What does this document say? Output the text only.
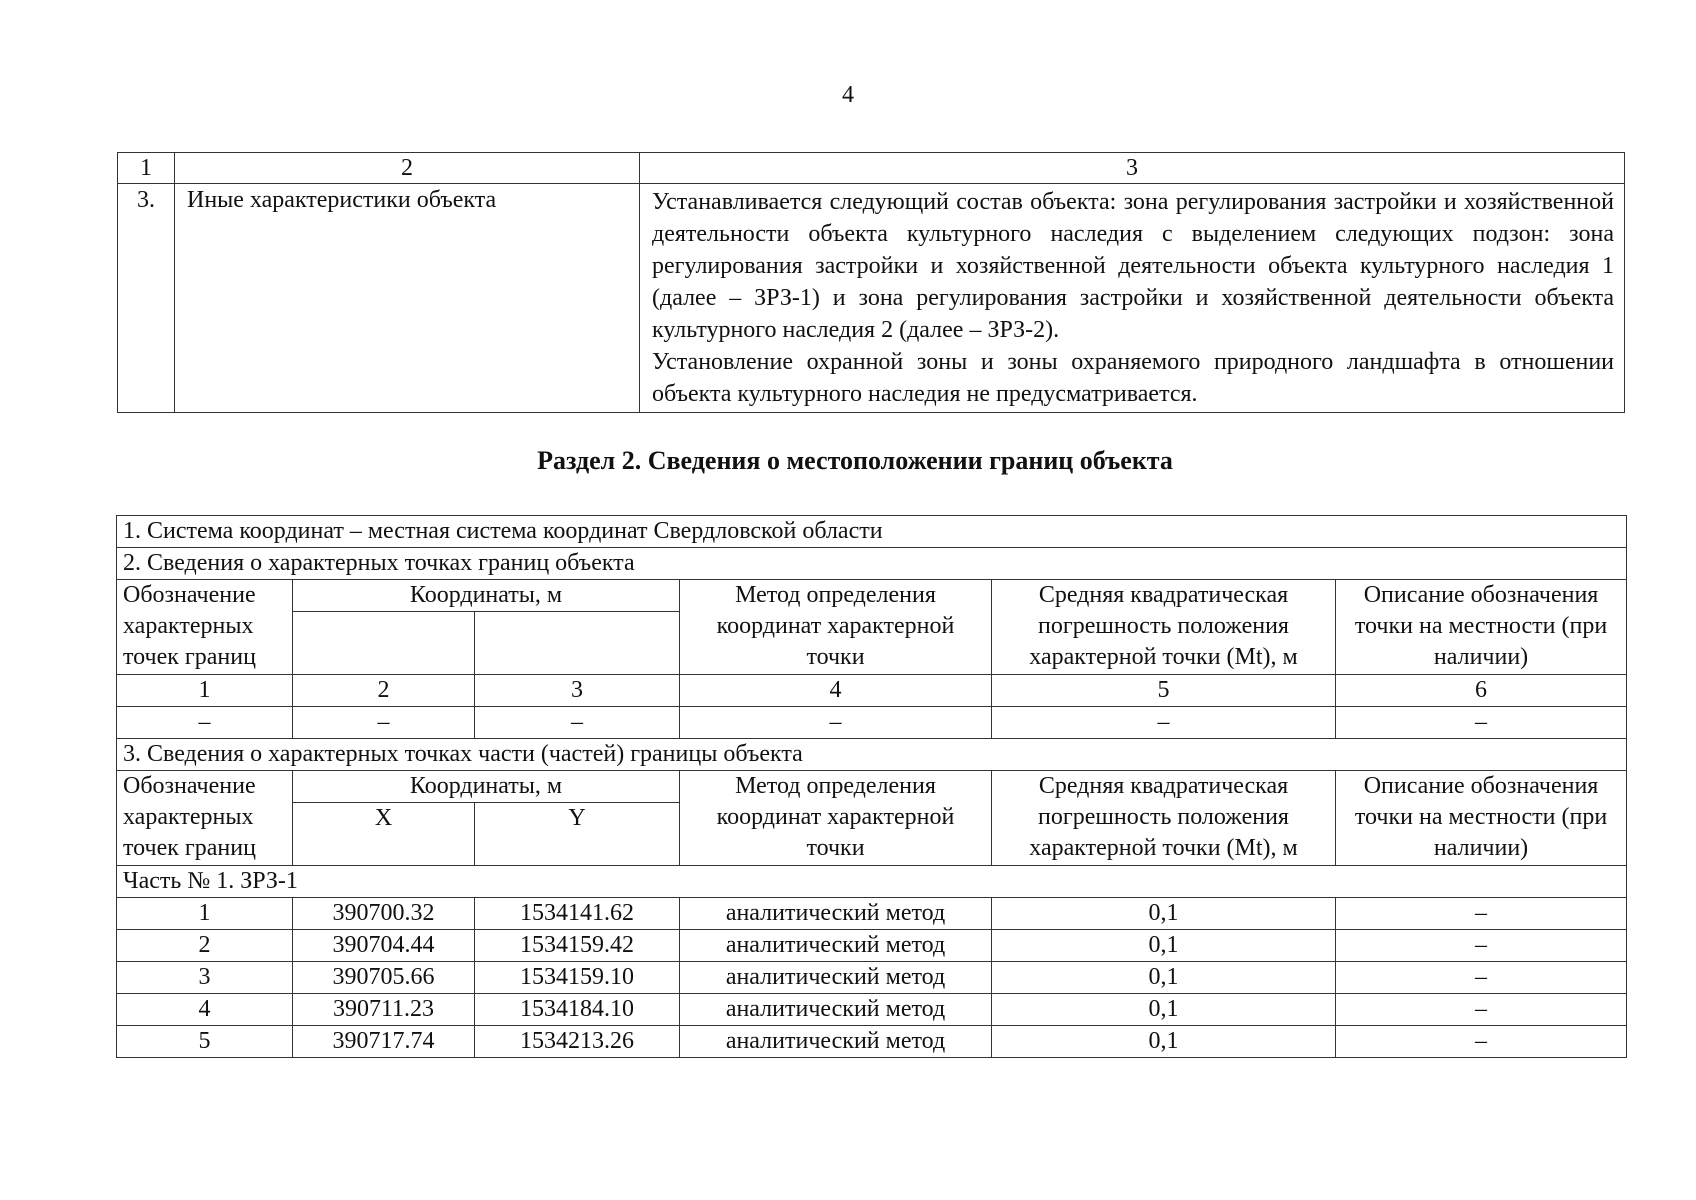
4
1	2	3
3.	Иные характеристики объекта	Устанавливается следующий состав объекта: зона регулирования застройки и хозяйственной деятельности объекта культурного наследия с выделением следующих подзон: зона регулирования застройки и хозяйственной деятельности объекта культурного наследия 1 (далее – ЗРЗ-1) и зона регулирования застройки и хозяйственной деятельности объекта культурного наследия 2 (далее – ЗРЗ-2).
Установление охранной зоны и зоны охраняемого природного ландшафта в отношении объекта культурного наследия не предусматривается.
Раздел 2. Сведения о местоположении границ объекта
1. Система координат – местная система координат Свердловской области					
2. Сведения о характерных точках границ объекта					
Обозначение характерных точек границ	Координаты, м		Метод определения координат характерной точки	Средняя квадратическая погрешность положения характерной точки (Mt), м	Описание обозначения точки на местности (при наличии)

1	2	3	4	5	6
–	–	–	–	–	–
3. Сведения о характерных точках части (частей) границы объекта					
Обозначение характерных точек границ	Координаты, м		Метод определения координат характерной точки	Средняя квадратическая погрешность положения характерной точки (Mt), м	Описание обозначения точки на местности (при наличии)
	X	Y			
Часть № 1. ЗРЗ-1					
1	390700.32	1534141.62	аналитический метод	0,1	–
2	390704.44	1534159.42	аналитический метод	0,1	–
3	390705.66	1534159.10	аналитический метод	0,1	–
4	390711.23	1534184.10	аналитический метод	0,1	–
5	390717.74	1534213.26	аналитический метод	0,1	–
